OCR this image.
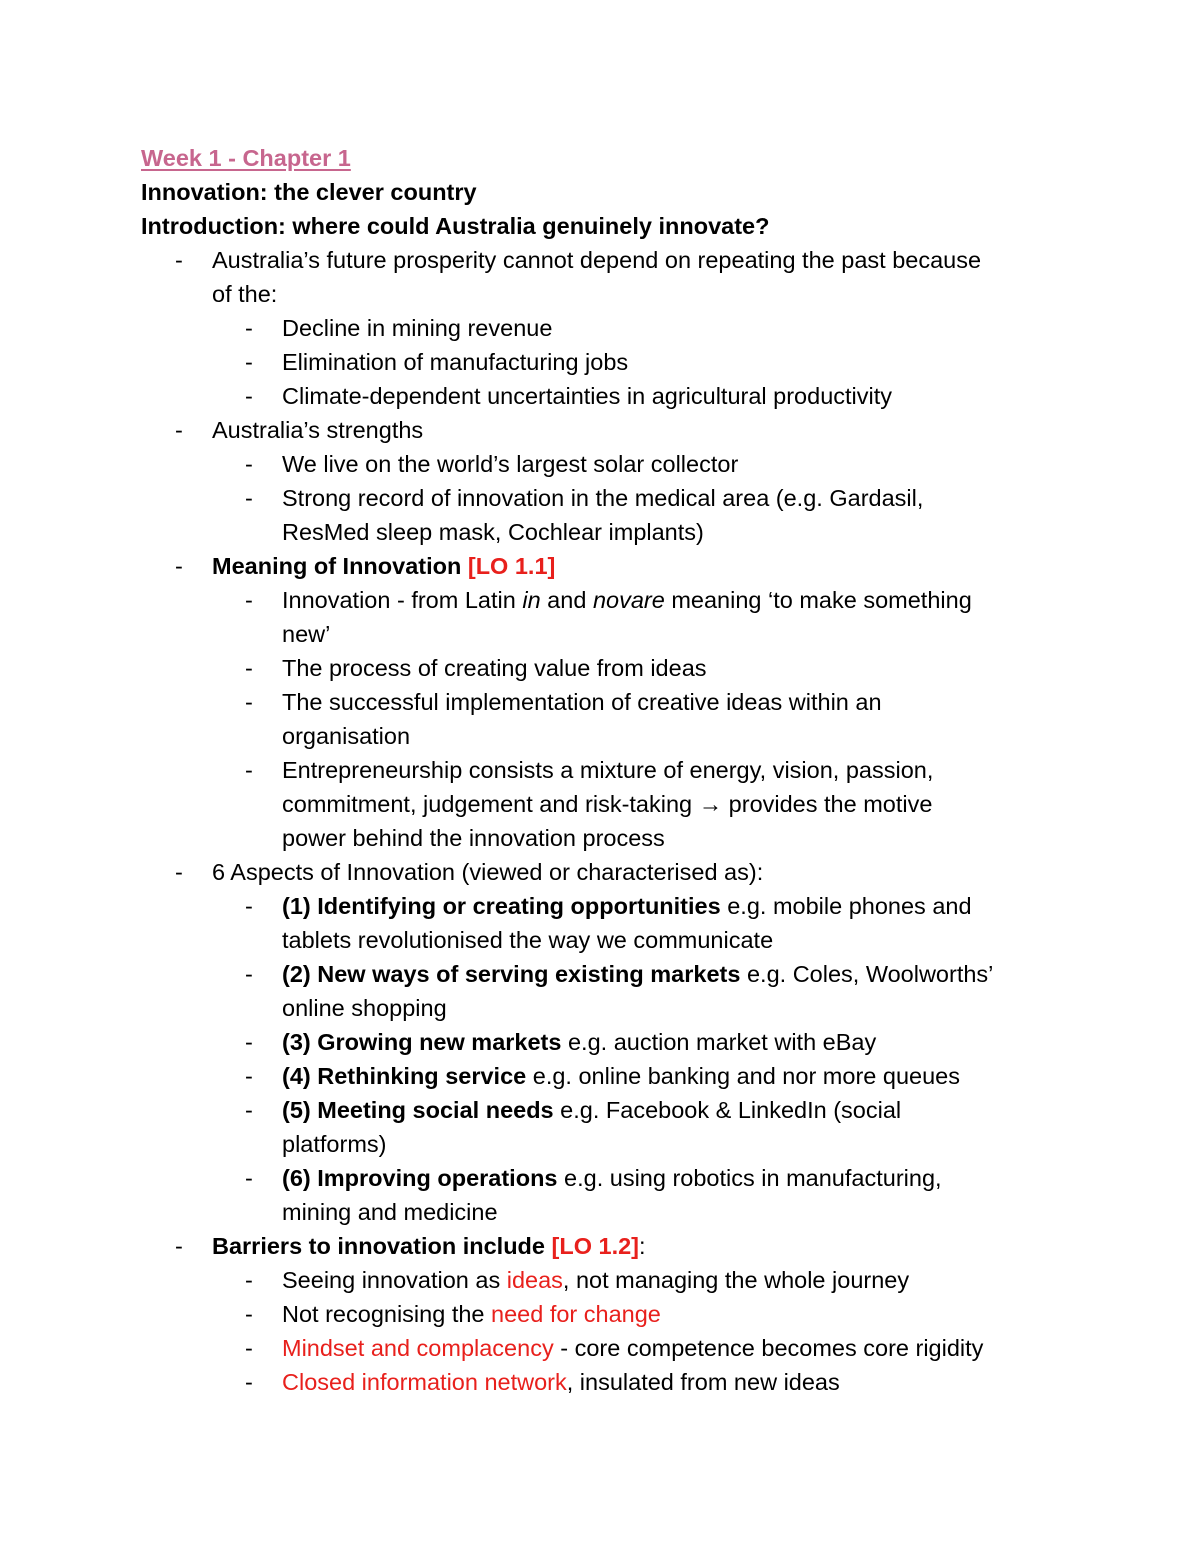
Week 1 - Chapter 1
Innovation: the clever country
Introduction: where could Australia genuinely innovate?
- Australia’s future prosperity cannot depend on repeating the past because
of the:
- Decline in mining revenue
- Elimination of manufacturing jobs
- Climate-dependent uncertainties in agricultural productivity
- Australia’s strengths
- We live on the world’s largest solar collector
- Strong record of innovation in the medical area (e.g. Gardasil,
ResMed sleep mask, Cochlear implants)
- Meaning of Innovation [LO 1.1]
- Innovation - from Latin in and novare meaning ‘to make something
new’
- The process of creating value from ideas
- The successful implementation of creative ideas within an
organisation
- Entrepreneurship consists a mixture of energy, vision, passion,
commitment, judgement and risk-taking → provides the motive
power behind the innovation process
- 6 Aspects of Innovation (viewed or characterised as):
- (1) Identifying or creating opportunities e.g. mobile phones and
tablets revolutionised the way we communicate
- (2) New ways of serving existing markets e.g. Coles, Woolworths’
online shopping
- (3) Growing new markets e.g. auction market with eBay
- (4) Rethinking service e.g. online banking and nor more queues
- (5) Meeting social needs e.g. Facebook & LinkedIn (social
platforms)
- (6) Improving operations e.g. using robotics in manufacturing,
mining and medicine
- Barriers to innovation include [LO 1.2]:
- Seeing innovation as ideas, not managing the whole journey
- Not recognising the need for change
- Mindset and complacency - core competence becomes core rigidity
- Closed information network, insulated from new ideas
